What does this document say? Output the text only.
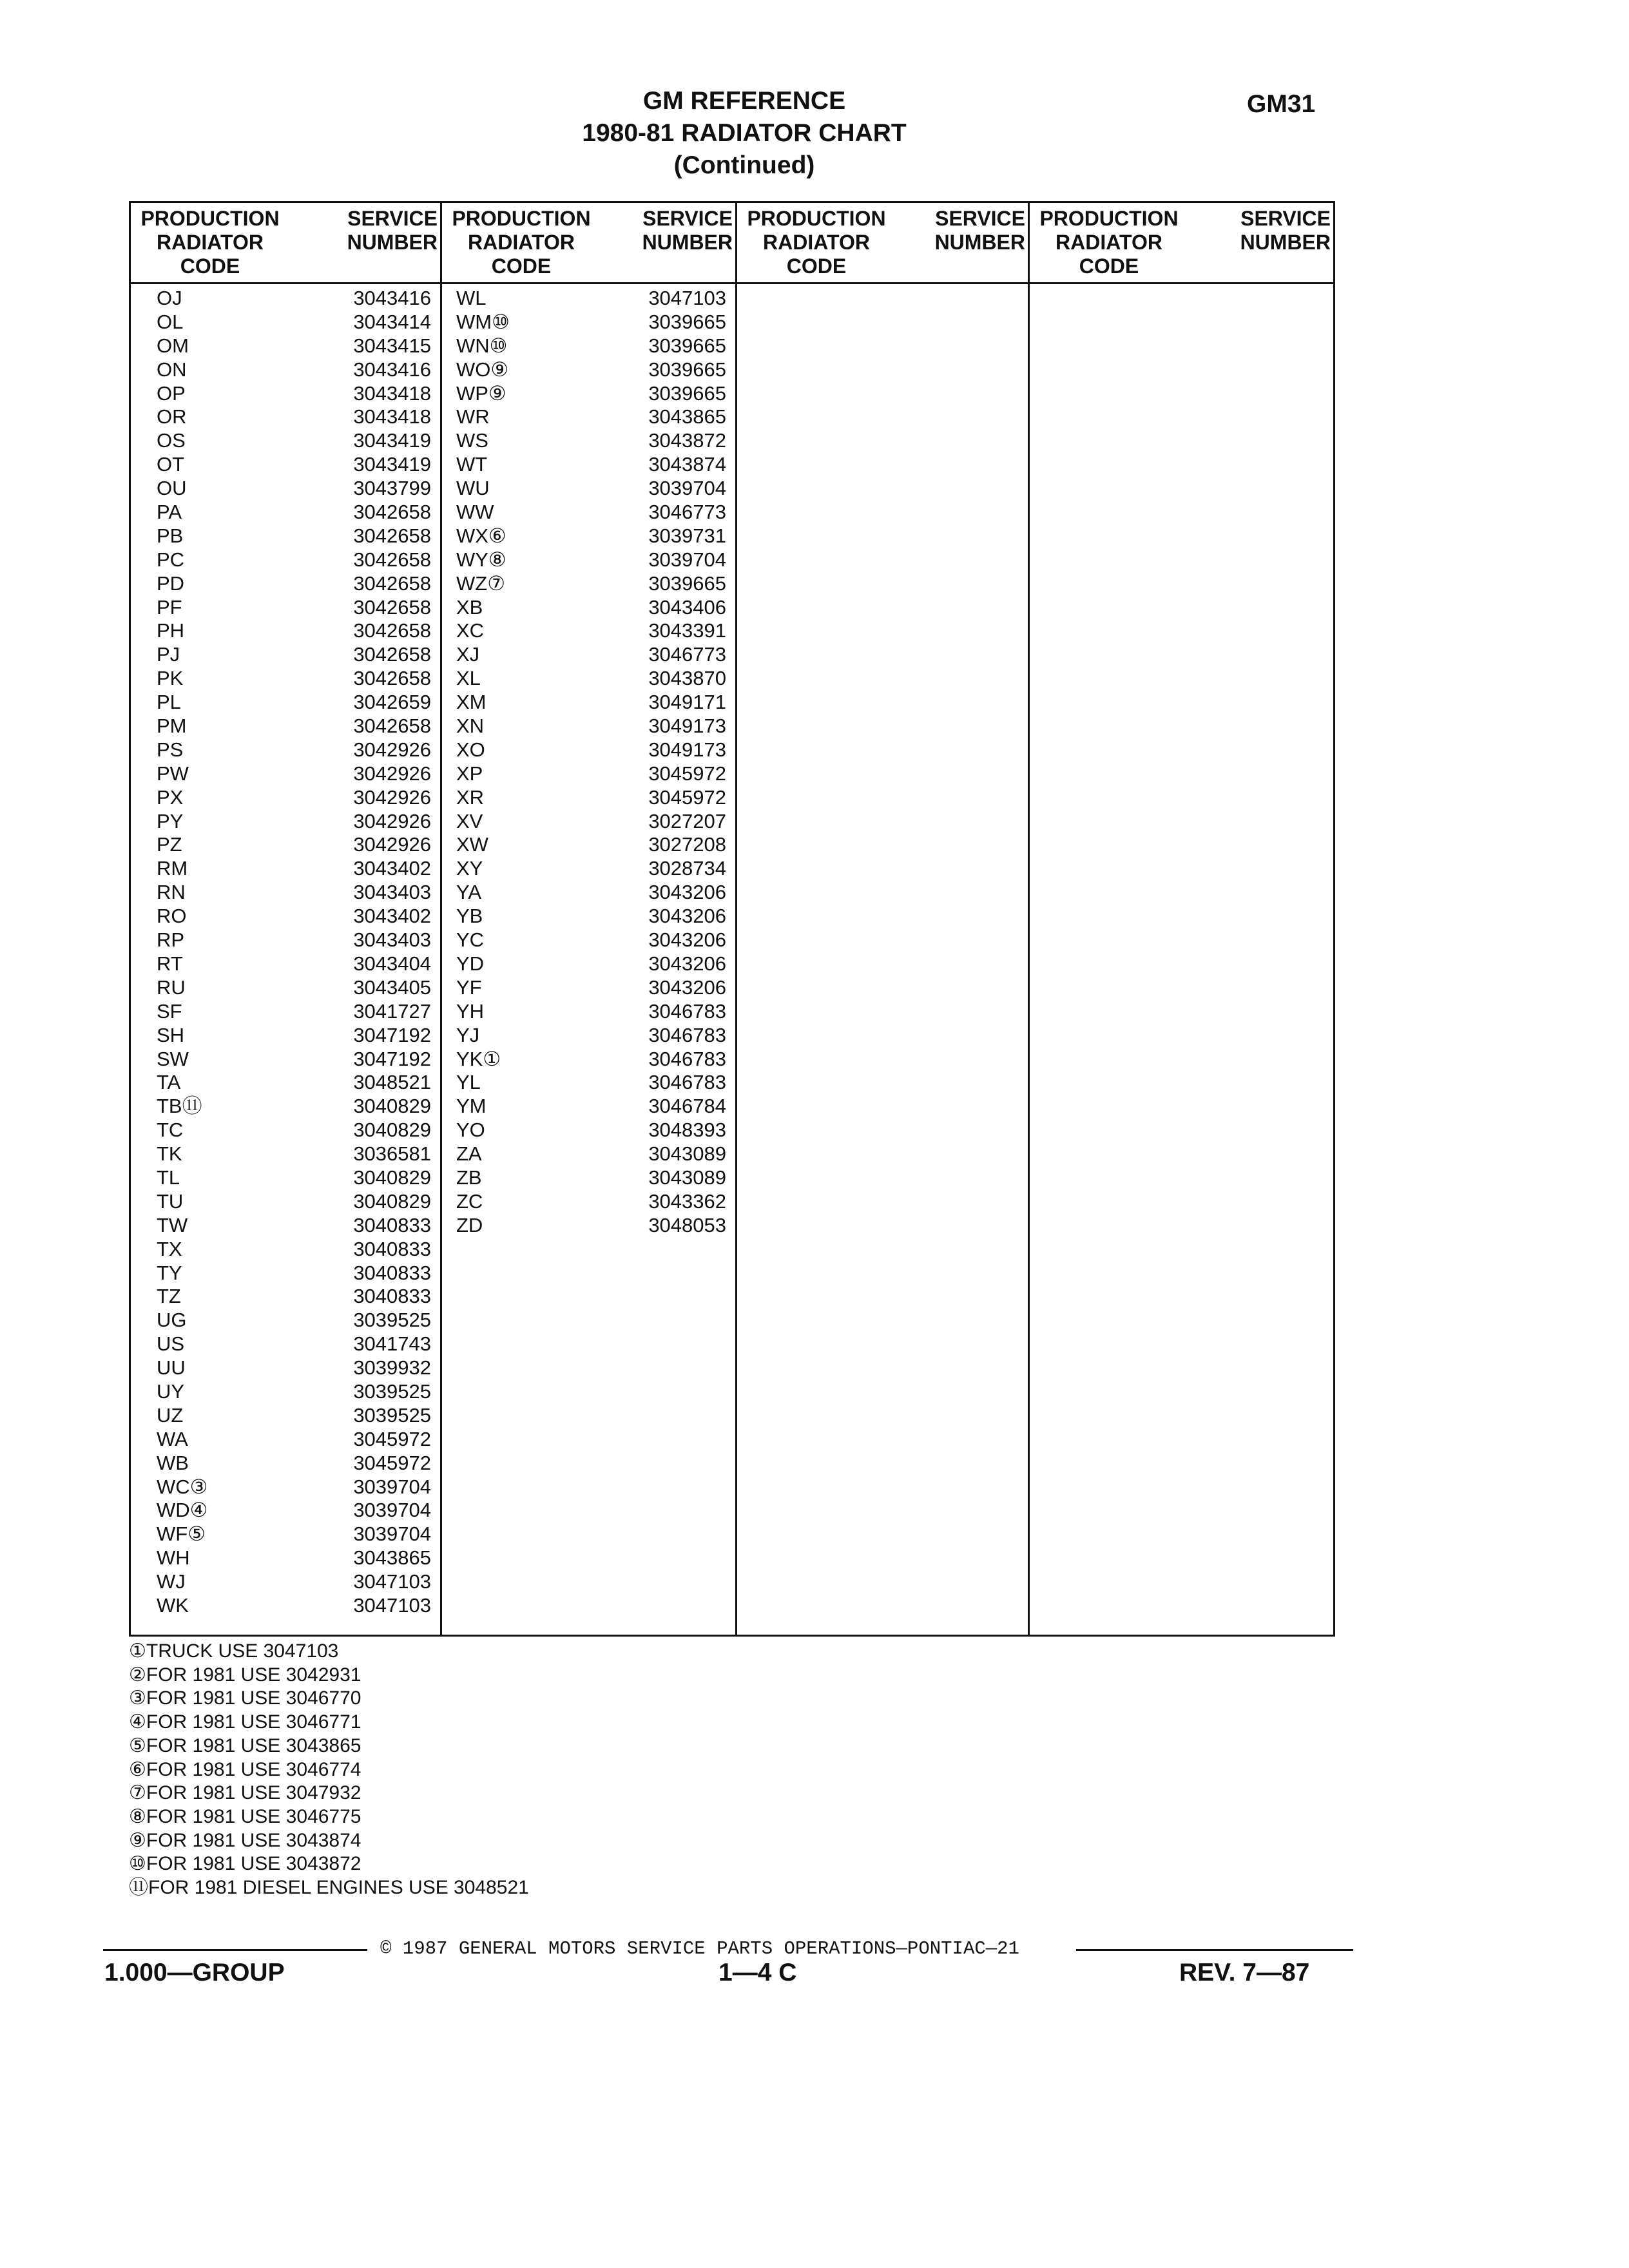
GM REFERENCE
1980-81 RADIATOR CHART
(Continued)
GM31
PRODUCTION
RADIATOR
CODE
SERVICE
NUMBER
OJ	3043416
OL	3043414
OM	3043415
ON	3043416
OP	3043418
OR	3043418
OS	3043419
OT	3043419
OU	3043799
PA	3042658
PB	3042658
PC	3042658
PD	3042658
PF	3042658
PH	3042658
PJ	3042658
PK	3042658
PL	3042659
PM	3042658
PS	3042926
PW	3042926
PX	3042926
PY	3042926
PZ	3042926
RM	3043402
RN	3043403
RO	3043402
RP	3043403
RT	3043404
RU	3043405
SF	3041727
SH	3047192
SW	3047192
TA	3048521
TB⑪	3040829
TC	3040829
TK	3036581
TL	3040829
TU	3040829
TW	3040833
TX	3040833
TY	3040833
TZ	3040833
UG	3039525
US	3041743
UU	3039932
UY	3039525
UZ	3039525
WA	3045972
WB	3045972
WC③	3039704
WD④	3039704
WF⑤	3039704
WH	3043865
WJ	3047103
WK	3047103
PRODUCTION
RADIATOR
CODE
SERVICE
NUMBER
WL	3047103
WM⑩	3039665
WN⑩	3039665
WO⑨	3039665
WP⑨	3039665
WR	3043865
WS	3043872
WT	3043874
WU	3039704
WW	3046773
WX⑥	3039731
WY⑧	3039704
WZ⑦	3039665
XB	3043406
XC	3043391
XJ	3046773
XL	3043870
XM	3049171
XN	3049173
XO	3049173
XP	3045972
XR	3045972
XV	3027207
XW	3027208
XY	3028734
YA	3043206
YB	3043206
YC	3043206
YD	3043206
YF	3043206
YH	3046783
YJ	3046783
YK①	3046783
YL	3046783
YM	3046784
YO	3048393
ZA	3043089
ZB	3043089
ZC	3043362
ZD	3048053
PRODUCTION
RADIATOR
CODE
SERVICE
NUMBER
PRODUCTION
RADIATOR
CODE
SERVICE
NUMBER
①TRUCK USE 3047103
②FOR 1981 USE 3042931
③FOR 1981 USE 3046770
④FOR 1981 USE 3046771
⑤FOR 1981 USE 3043865
⑥FOR 1981 USE 3046774
⑦FOR 1981 USE 3047932
⑧FOR 1981 USE 3046775
⑨FOR 1981 USE 3043874
⑩FOR 1981 USE 3043872
⑪FOR 1981 DIESEL ENGINES USE 3048521
© 1987 GENERAL MOTORS SERVICE PARTS OPERATIONS—PONTIAC—21
1.000—GROUP	1—4 C	REV. 7—87
